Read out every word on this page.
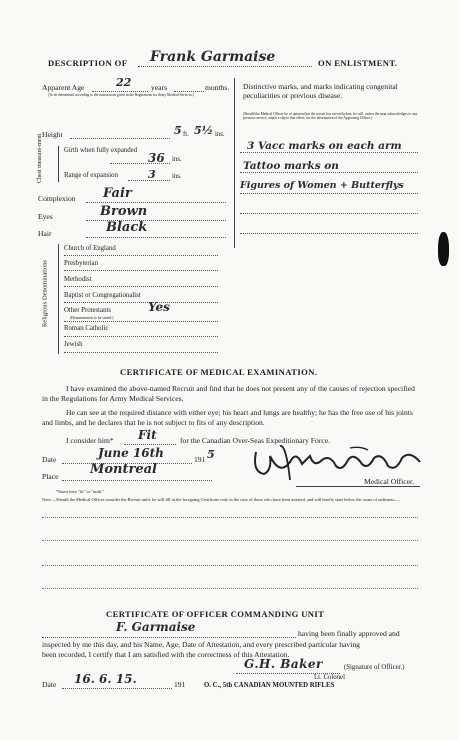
DESCRIPTION OF Frank Garmaise	ON ENLISTMENT.
Apparent Age	22	years	months.
(To be determined according to the instructions given in the Regulations for Army Medical Services.)
Distinctive marks, and marks indicating congenital peculiarities or previous disease.
(Should the Medical Officer be of opinion that the recruit has served before, he will, unless the man acknowledges to any previous service, attach a slip to that effect, for the information of the Approving Officer.)
3 Vacc marks on each arm
Tattoo marks on
Figures of Women + Butterflys
Height	5 ft. 5½ ins.
Chest measure-ment	Girth when fully expanded
36 ins.
Range of expansion	3 ins.
Complexion Fair
Eyes	Brown
Hair	Black
Religious Denominations
Church of England
Presbyterian
Methodist
Baptist or Congregationalist
Other Protestants	Yes
(Denomination to be stated.)
Roman Catholic
Jewish
CERTIFICATE OF MEDICAL EXAMINATION.
I have examined the above-named Recruit and find that he does not present any of the causes of rejection specified in the Regulations for Army Medical Services.
He can see at the required distance with either eye; his heart and lungs are healthy; he has the free use of his joints and limbs, and he declares that he is not subject to fits of any description.
I consider him* Fit	for the Canadian Over-Seas Expeditionary Force.
Date	June 16th	191 5
Place Montreal
Medical Officer.
*Insert here "fit" or "unfit."
Note.—Should the Medical Officer consider the Recruit unfit, he will fill in the foregoing Certificate only in the case of those who have been attested, and will briefly state below the cause of unfitness:—
CERTIFICATE OF OFFICER COMMANDING UNIT
F. Garmaise	having been finally approved and
inspected by me this day, and his Name, Age, Date of Attestation, and every prescribed particular having
been recorded, I certify that I am satisfied with the correctness of this Attestation.
G.H. Baker	(Signature of Officer.)
Lt. Colonel
Date 16. 6. 15.	191	O. C., 5th CANADIAN MOUNTED RIFLES
